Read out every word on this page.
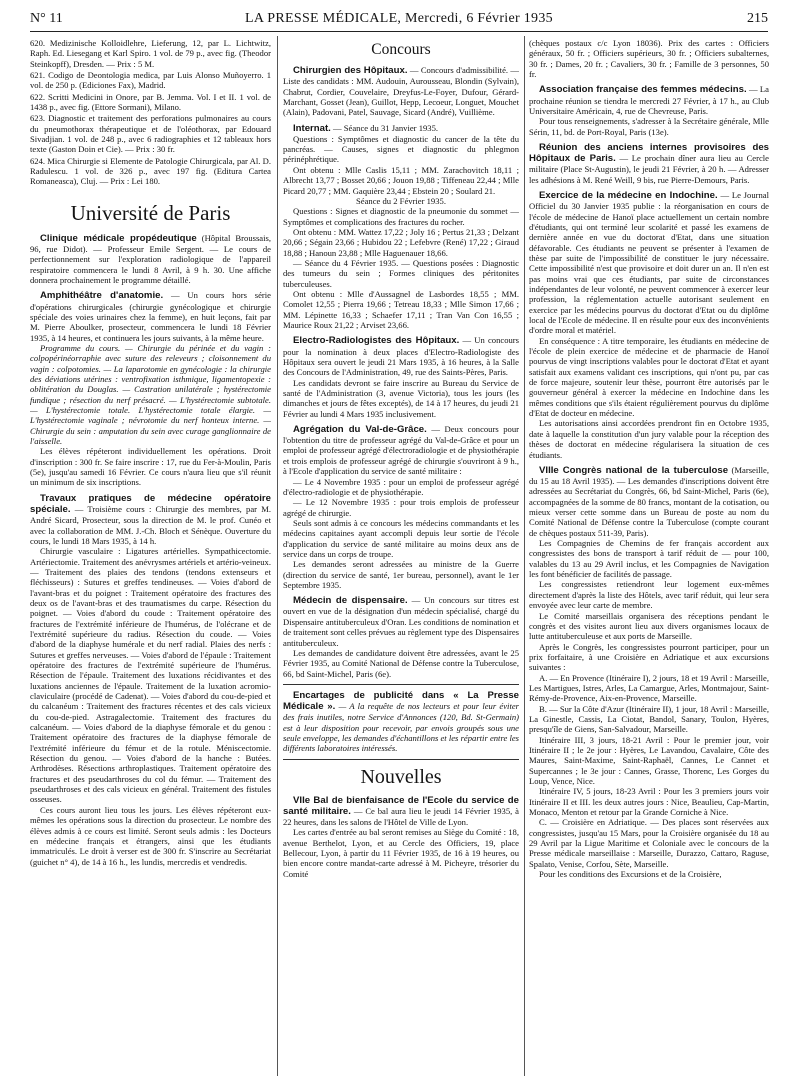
N° 11	LA PRESSE MÉDICALE, Mercredi, 6 Février 1935	215

620. Medizinische Kolloidlehre, Lieferung, 12, par L. Lichtwitz, Raph. Ed. Liesegang et Karl Spiro. 1 vol. de 79 p., avec fig. (Theodor Steinkopff), Dresden. — Prix : 5 M.

621. Codigo de Deontologia medica, par Luis Alonso Muñoyerro. 1 vol. de 250 p. (Ediciones Fax), Madrid.

622. Scritti Medicini in Onore, par B. Jemma. Vol. I et II. 1 vol. de 1438 p., avec fig. (Ettore Sormani), Milano.

623. Diagnostic et traitement des perforations pulmonaires au cours du pneumothorax thérapeutique et de l'oléothorax, par Edouard Sivadjian. 1 vol. de 248 p., avec 6 radiographies et 12 tableaux hors texte (Gaston Doin et Cie). — Prix : 30 fr.

624. Mica Chirurgie si Elemente de Patologie Chirurgicala, par Al. D. Radulescu. 1 vol. de 326 p., avec 197 fig. (Editura Cartea Romaneasca), Cluj. — Prix : Lei 180.

Université de Paris

Clinique médicale propédeutique (Hôpital Broussais, 96, rue Didot). — Professeur Emile Sergent. — Le cours de perfectionnement sur l'exploration radiologique de l'appareil respiratoire commencera le lundi 8 Avril, à 9 h. 30. Une affiche donnera prochainement le programme détaillé.

Amphithéâtre d'anatomie. — Un cours hors série d'opérations chirurgicales (chirurgie gynécologique et chirurgie spéciale des voies urinaires chez la femme), en huit leçons, fait par M. Pierre Aboulker, prosecteur, commencera le lundi 18 Février 1935, à 14 heures, et continuera les jours suivants, à la même heure.

Programme du cours. — Chirurgie du périnée et du vagin : colpopérinéorraphie avec suture des releveurs ; cloisonnement du vagin : colpotomies. — La laparotomie en gynécologie : la chirurgie des déviations utérines : ventrofixation isthmique, ligamentopexie : oblitération du Douglas. — Castration unilatérale ; hystérectomie fundique ; résection du nerf présacré. — L'hystérectomie subtotale. — L'hystérectomie totale. L'hystérectomie totale élargie. — L'hystérectomie vaginale ; névrotomie du nerf honteux interne. — Chirurgie du sein : amputation du sein avec curage ganglionnaire de l'aisselle.

Les élèves répéteront individuellement les opérations. Droit d'inscription : 300 fr. Se faire inscrire : 17, rue du Fer-à-Moulin, Paris (5e), jusqu'au samedi 16 Février. Ce cours n'aura lieu que s'il réunit un minimum de six inscriptions.

Travaux pratiques de médecine opératoire spéciale. — Troisième cours : Chirurgie des membres, par M. André Sicard, Prosecteur, sous la direction de M. le prof. Cunéo et avec la collaboration de MM. J.-Ch. Bloch et Sénèque. Ouverture du cours, le lundi 18 Mars 1935, à 14 h.

Chirurgie vasculaire : Ligatures artérielles. Sympathicectomie. Artériectomie. Traitement des anévrysmes artériels et artério-veineux. — Traitement des plaies des tendons (tendons extenseurs et fléchisseurs) : Sutures et greffes tendineuses. — Voies d'abord de l'avant-bras et du poignet : Traitement opératoire des fractures des deux os de l'avant-bras et des traumatismes du carpe. Résection du poignet. — Voies d'abord du coude : Traitement opératoire des fractures de l'extrémité inférieure de l'humérus, de l'olécrane et de l'extrémité supérieure du radius. Résection du coude. — Voies d'abord de la diaphyse humérale et du nerf radial. Plaies des nerfs : Sutures et greffes nerveuses. — Voies d'abord de l'épaule : Traitement opératoire des fractures de l'extrémité supérieure de l'humérus. Résection de l'épaule. Traitement des luxations récidivantes et des luxations anciennes de l'épaule. Traitement de la luxation acromio-claviculaire (procédé de Cadenat). — Voies d'abord du cou-de-pied et du calcanéum : Traitement des fractures récentes et des cals vicieux du cou-de-pied. Astragalectomie. Traitement des fractures du calcanéum. — Voies d'abord de la diaphyse fémorale et du genou : Traitement opératoire des fractures de la diaphyse fémorale de l'extrémité inférieure du fémur et de la rotule. Méniscectomie. Résection du genou. — Voies d'abord de la hanche : Butées. Arthrodèses. Résections arthroplastiques. Traitement opératoire des fractures et des pseudarthroses du col du fémur. — Traitement des pseudarthroses et des cals vicieux en général. Traitement des fistules osseuses.

Ces cours auront lieu tous les jours. Les élèves répéteront eux-mêmes les opérations sous la direction du prosecteur. Le nombre des élèves admis à ce cours est limité. Seront seuls admis : les Docteurs en médecine français et étrangers, ainsi que les étudiants immatriculés. Le droit à verser est de 300 fr. S'inscrire au Secrétariat (guichet n° 4), de 14 à 16 h., les lundis, mercredis et vendredis.

Concours

Chirurgien des Hôpitaux. — Concours d'admissibilité. — Liste des candidats : MM. Audouin, Aurousseau, Blondin (Sylvain), Chabrut, Cordier, Couvelaire, Dreyfus-Le-Foyer, Dufour, Gérard-Marchant, Gosset (Jean), Guillot, Hepp, Lecoeur, Longuet, Mouchet (Alain), Padovani, Patel, Sauvage, Sicard (André), Vuillième.

Internat. — Séance du 31 Janvier 1935.

Questions : Symptômes et diagnostic du cancer de la tête du pancréas. — Causes, signes et diagnostic du phlegmon périnéphrétique.

Ont obtenu : Mlle Caslis 15,11 ; MM. Zarachovitch 18,11 ; Albrecht 13,77 ; Bosset 20,66 ; Jouon 19,88 ; Tiffeneau 22,44 ; Mlle Picard 20,77 ; MM. Gaquière 23,44 ; Ebstein 20 ; Soulard 21.

Séance du 2 Février 1935.

Questions : Signes et diagnostic de la pneumonie du sommet — Symptômes et complications des fractures du rocher.

Ont obtenu : MM. Wattez 17,22 ; Joly 16 ; Pertus 21,33 ; Delzant 20,66 ; Ségain 23,66 ; Hubidou 22 ; Lefebvre (René) 17,22 ; Giraud 18,88 ; Hanoun 23,88 ; Mlle Haguenauer 18,66.

— Séance du 4 Février 1935. — Questions posées : Diagnostic des tumeurs du sein ; Formes cliniques des péritonites tuberculeuses.

Ont obtenu : Mlle d'Aussagnel de Lasbordes 18,55 ; MM. Comolet 12,55 ; Pierra 19,66 ; Tetreau 18,33 ; Mlle Simon 17,66 ; MM. Lépinette 16,33 ; Schaefer 17,11 ; Tran Van Con 16,55 ; Maurice Roux 21,22 ; Arviset 23,66.

Electro-Radiologistes des Hôpitaux. — Un concours pour la nomination à deux places d'Electro-Radiologiste des Hôpitaux sera ouvert le jeudi 21 Mars 1935, à 16 heures, à la Salle des Concours de l'Administration, 49, rue des Saints-Pères, Paris.

Les candidats devront se faire inscrire au Bureau du Service de santé de l'Administration (3, avenue Victoria), tous les jours (les dimanches et jours de fêtes exceptés), de 14 à 17 heures, du jeudi 21 Février au lundi 4 Mars 1935 inclusivement.

Agrégation du Val-de-Grâce. — Deux concours pour l'obtention du titre de professeur agrégé du Val-de-Grâce et pour un emploi de professeur agrégé d'électroradiologie et de physiothérapie et trois emplois de professeur agrégé de chirurgie s'ouvriront à 9 h., à l'Ecole d'application du service de santé militaire :

— Le 4 Novembre 1935 : pour un emploi de professeur agrégé d'électro-radiologie et de physiothérapie.

— Le 12 Novembre 1935 : pour trois emplois de professeur agrégé de chirurgie.

Seuls sont admis à ce concours les médecins commandants et les médecins capitaines ayant accompli depuis leur sortie de l'école d'application du service de santé militaire au moins deux ans de service dans un corps de troupe.

Les demandes seront adressées au ministre de la Guerre (direction du service de santé, 1er bureau, personnel), avant le 1er Septembre 1935.

Médecin de dispensaire. — Un concours sur titres est ouvert en vue de la désignation d'un médecin spécialisé, chargé du Dispensaire antituberculeux d'Oran. Les conditions de nomination et de traitement sont celles prévues au règlement type des Dispensaires antituberculeux.

Les demandes de candidature doivent être adressées, avant le 25 Février 1935, au Comité National de Défense contre la Tuberculose, 66, bd Saint-Michel, Paris (6e).

Encartages de publicité dans « La Presse Médicale ». — A la requête de nos lecteurs et pour leur éviter des frais inutiles, notre Service d'Annonces (120, Bd. St-Germain) est à leur disposition pour recevoir, par envois groupés sous une seule enveloppe, les demandes d'échantillons et les répartir entre les différents laboratoires intéressés.

Nouvelles

VIIe Bal de bienfaisance de l'Ecole du service de santé militaire. — Ce bal aura lieu le jeudi 14 Février 1935, à 22 heures, dans les salons de l'Hôtel de Ville de Lyon.

Les cartes d'entrée au bal seront remises au Siège du Comité : 18, avenue Berthelot, Lyon, et au Cercle des Officiers, 19, place Bellecour, Lyon, à partir du 11 Février 1935, de 16 à 19 heures, ou bien encore contre mandat-carte adressé à M. Picheyre, trésorier du Comité

(chèques postaux c/c Lyon 18036). Prix des cartes : Officiers généraux, 50 fr. ; Officiers supérieurs, 30 fr. ; Officiers subalternes, 30 fr. ; Dames, 20 fr. ; Cavaliers, 30 fr. ; Famille de 3 personnes, 50 fr.

Association française des femmes médecins. — La prochaine réunion se tiendra le mercredi 27 Février, à 17 h., au Club Universitaire Américain, 4, rue de Chevreuse, Paris.

Pour tous renseignements, s'adresser à la Secrétaire générale, Mlle Sérin, 11, bd. de Port-Royal, Paris (13e).

Réunion des anciens internes provisoires des Hôpitaux de Paris. — Le prochain dîner aura lieu au Cercle militaire (Place St-Augustin), le jeudi 21 Février, à 20 h. — Adresser les adhésions à M. René Weill, 9 bis, rue Pierre-Demours, Paris.

Exercice de la médecine en Indochine. — Le Journal Officiel du 30 Janvier 1935 publie : la réorganisation en cours de l'école de médecine de Hanoï place actuellement un certain nombre d'étudiants, qui ont terminé leur scolarité et passé les examens de dernière année en vue du doctorat d'Etat, dans une situation défavorable. Ces étudiants ne peuvent se présenter à l'examen de thèse par suite de l'impossibilité de constituer le jury nécessaire. Cette impossibilité n'est que provisoire et doit durer un an. Il n'en est pas moins vrai que ces étudiants, par suite de circonstances indépendantes de leur volonté, ne peuvent commencer à exercer leur profession, la réglementation actuelle autorisant seulement en exercice par les médecins pourvus du doctorat d'Etat ou du diplôme local de l'Ecole de médecine. Il en résulte pour eux des inconvénients d'ordre moral et matériel.

En conséquence : A titre temporaire, les étudiants en médecine de l'école de plein exercice de médecine et de pharmacie de Hanoï pourvus de vingt inscriptions valables pour le doctorat d'Etat et ayant satisfait aux examens validant ces inscriptions, qui n'ont pu, par cas de force majeure, soutenir leur thèse, pourront être autorisés par le gouverneur général à exercer la médecine en Indochine dans les mêmes conditions que s'ils étaient régulièrement pourvus du diplôme d'Etat de docteur en médecine.

Les autorisations ainsi accordées prendront fin en Octobre 1935, date à laquelle la constitution d'un jury valable pour la réception des thèses de doctorat en médecine régularisera la situation de ces étudiants.

VIIIe Congrès national de la tuberculose (Marseille, du 15 au 18 Avril 1935). — Les demandes d'inscriptions doivent être adressées au Secrétariat du Congrès, 66, bd Saint-Michel, Paris (6e), accompagnées de la somme de 80 francs, montant de la cotisation, ou mieux verser cette somme dans un Bureau de poste au nom du Comité National de Défense contre la Tuberculose (compte courant de chèques postaux 511-39, Paris).

Les Compagnies de Chemins de fer français accordent aux congressistes des bons de transport à tarif réduit de — pour 100, valables du 13 au 29 Avril inclus, et les Compagnies de Navigation les font bénéficier de facilités de passage.

Les congressistes retiendront leur logement eux-mêmes directement d'après la liste des Hôtels, avec tarif réduit, qui leur sera envoyée avec leur carte de membre.

Le Comité marseillais organisera des réceptions pendant le congrès et des visites auront lieu aux divers organismes locaux de lutte antituberculeuse et aux ports de Marseille.

Après le Congrès, les congressistes pourront participer, pour un prix forfaitaire, à une Croisière en Adriatique et aux excursions suivantes :

A. — En Provence (Itinéraire I), 2 jours, 18 et 19 Avril : Marseille, Les Martigues, Istres, Arles, La Camargue, Arles, Montmajour, Saint-Rémy-de-Provence, Aix-en-Provence, Marseille.

B. — Sur la Côte d'Azur (Itinéraire II), 1 jour, 18 Avril : Marseille, La Ginestle, Cassis, La Ciotat, Bandol, Sanary, Toulon, Hyères, presqu'île de Giens, San-Salvadour, Marseille.

Itinéraire III, 3 jours, 18-21 Avril : Pour le premier jour, voir Itinéraire II ; le 2e jour : Hyères, Le Lavandou, Cavalaire, Côte des Maures, Saint-Maxime, Saint-Raphaël, Cannes, Le Cannet et Supercannes ; le 3e jour : Cannes, Grasse, Thorenc, Les Gorges du Loup, Vence, Nice.

Itinéraire IV, 5 jours, 18-23 Avril : Pour les 3 premiers jours voir Itinéraire II et III. les deux autres jours : Nice, Beaulieu, Cap-Martin, Monaco, Menton et retour par la Grande Corniche à Nice.

C. — Croisière en Adriatique. — Des places sont réservées aux congressistes, jusqu'au 15 Mars, pour la Croisière organisée du 18 au 29 Avril par la Ligue Maritime et Coloniale avec le concours de la Presse médicale marseillaise : Marseille, Durazzo, Cattaro, Raguse, Spalato, Venise, Corfou, Sète, Marseille.

Pour les conditions des Excursions et de la Croisière,
